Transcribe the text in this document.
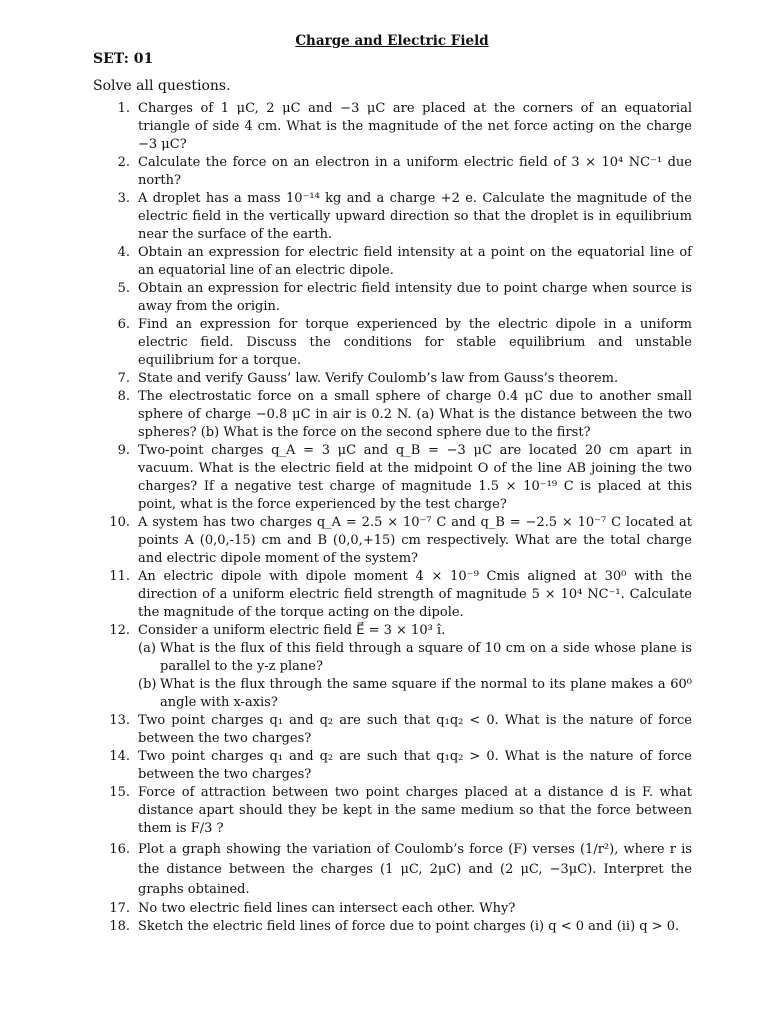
Charge and Electric Field
SET: 01
Solve all questions.
1. Charges of 1 μC, 2 μC and −3 μC are placed at the corners of an equatorial triangle of side 4 cm. What is the magnitude of the net force acting on the charge −3 μC?
2. Calculate the force on an electron in a uniform electric field of 3 × 10⁴ NC⁻¹ due north?
3. A droplet has a mass 10⁻¹⁴ kg and a charge +2 e. Calculate the magnitude of the electric field in the vertically upward direction so that the droplet is in equilibrium near the surface of the earth.
4. Obtain an expression for electric field intensity at a point on the equatorial line of an equatorial line of an electric dipole.
5. Obtain an expression for electric field intensity due to point charge when source is away from the origin.
6. Find an expression for torque experienced by the electric dipole in a uniform electric field. Discuss the conditions for stable equilibrium and unstable equilibrium for a torque.
7. State and verify Gauss’ law. Verify Coulomb’s law from Gauss’s theorem.
8. The electrostatic force on a small sphere of charge 0.4 μC due to another small sphere of charge −0.8 μC in air is 0.2 N. (a) What is the distance between the two spheres? (b) What is the force on the second sphere due to the first?
9. Two-point charges q_A = 3 μC and q_B = −3 μC are located 20 cm apart in vacuum. What is the electric field at the midpoint O of the line AB joining the two charges? If a negative test charge of magnitude 1.5 × 10⁻¹⁹ C is placed at this point, what is the force experienced by the test charge?
10. A system has two charges q_A = 2.5 × 10⁻⁷ C and q_B = −2.5 × 10⁻⁷ C located at points A (0,0,-15) cm and B (0,0,+15) cm respectively. What are the total charge and electric dipole moment of the system?
11. An electric dipole with dipole moment 4 × 10⁻⁹ Cmis aligned at 30⁰ with the direction of a uniform electric field strength of magnitude 5 × 10⁴ NC⁻¹. Calculate the magnitude of the torque acting on the dipole.
12. Consider a uniform electric field E⃗ = 3 × 10³ î.
(a) What is the flux of this field through a square of 10 cm on a side whose plane is parallel to the y-z plane?
(b) What is the flux through the same square if the normal to its plane makes a 60⁰ angle with x-axis?
13. Two point charges q₁ and q₂ are such that q₁q₂ < 0. What is the nature of force between the two charges?
14. Two point charges q₁ and q₂ are such that q₁q₂ > 0. What is the nature of force between the two charges?
15. Force of attraction between two point charges placed at a distance d is F. what distance apart should they be kept in the same medium so that the force between them is F/3 ?
16. Plot a graph showing the variation of Coulomb’s force (F) verses (1/r²), where r is the distance between the charges (1 μC, 2μC) and (2 μC, −3μC). Interpret the graphs obtained.
17. No two electric field lines can intersect each other. Why?
18. Sketch the electric field lines of force due to point charges (i) q < 0 and (ii) q > 0.
